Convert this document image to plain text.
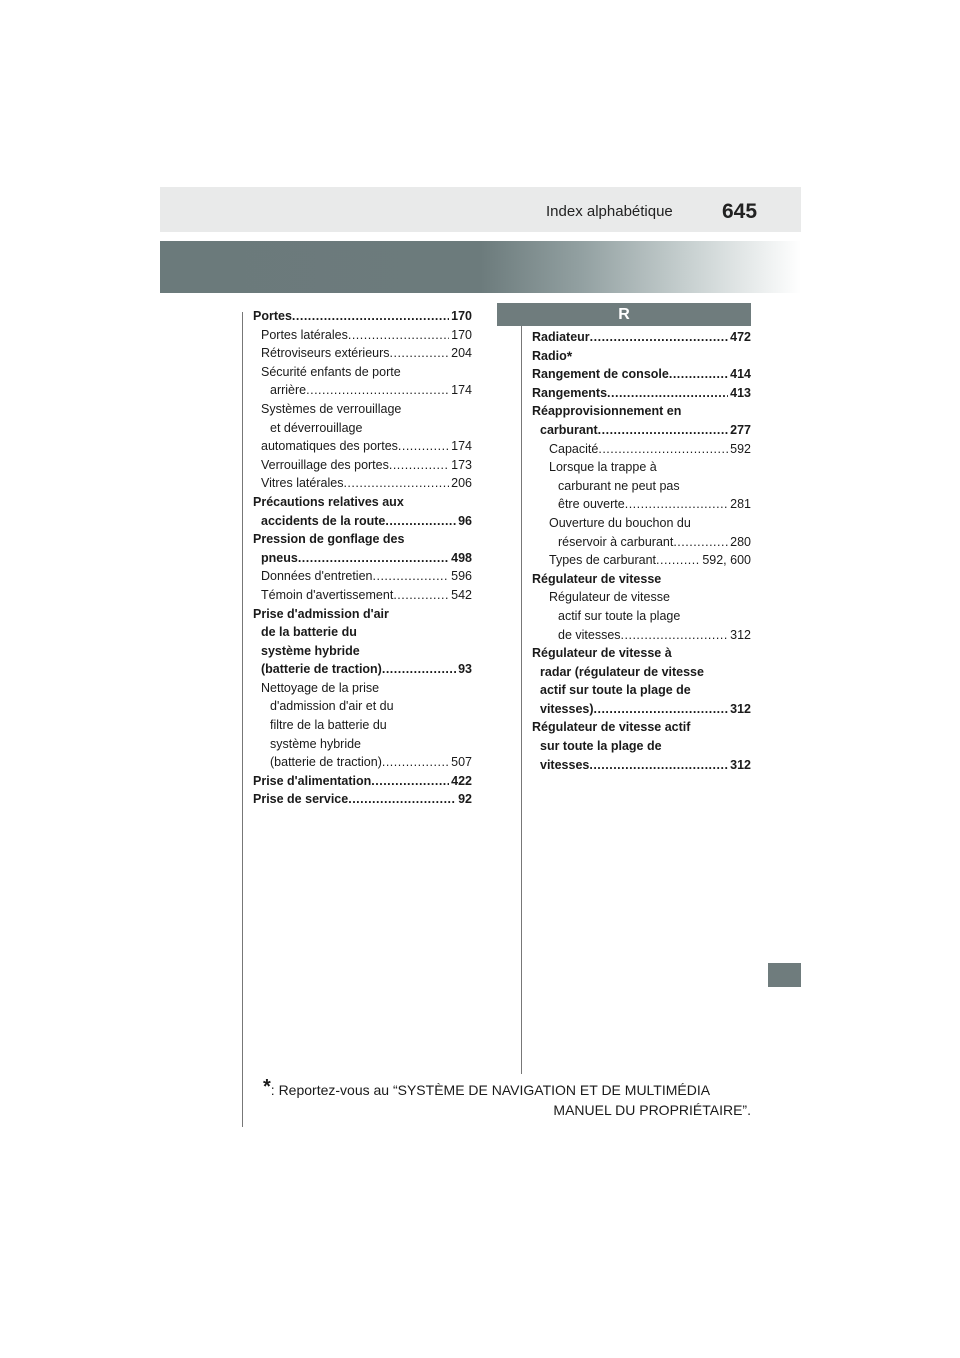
Index alphabétique 645
R
Portes .....	170
Portes latérales .....	170
Rétroviseurs extérieurs .....	204
Sécurité enfants de porte
arrière .....	174
Systèmes de verrouillage
et déverrouillage
automatiques des portes .....	174
Verrouillage des portes .....	173
Vitres latérales .....	206
Précautions relatives aux
accidents de la route .....	96
Pression de gonflage des
pneus .....	498
Données d'entretien .....	596
Témoin d'avertissement .....	542
Prise d'admission d'air
de la batterie du
système hybride
(batterie de traction) .....	93
Nettoyage de la prise
d'admission d'air et du
filtre de la batterie du
système hybride
(batterie de traction) .....	507
Prise d'alimentation .....	422
Prise de service .....	92
Radiateur .....	472
Radio *
Rangement de console .....	414
Rangements .....	413
Réapprovisionnement en
carburant .....	277
Capacité .....	592
Lorsque la trappe à
carburant ne peut pas
être ouverte .....	281
Ouverture du bouchon du
réservoir à carburant .....	280
Types de carburant .....	592, 600
Régulateur de vitesse
Régulateur de vitesse
actif sur toute la plage
de vitesses .....	312
Régulateur de vitesse à
radar (régulateur de vitesse
actif sur toute la plage de
vitesses) .....	312
Régulateur de vitesse actif
sur toute la plage de
vitesses .....	312
*: Reportez-vous au “SYSTÈME DE NAVIGATION ET DE MULTIMÉDIA
MANUEL DU PROPRIÉTAIRE”.
